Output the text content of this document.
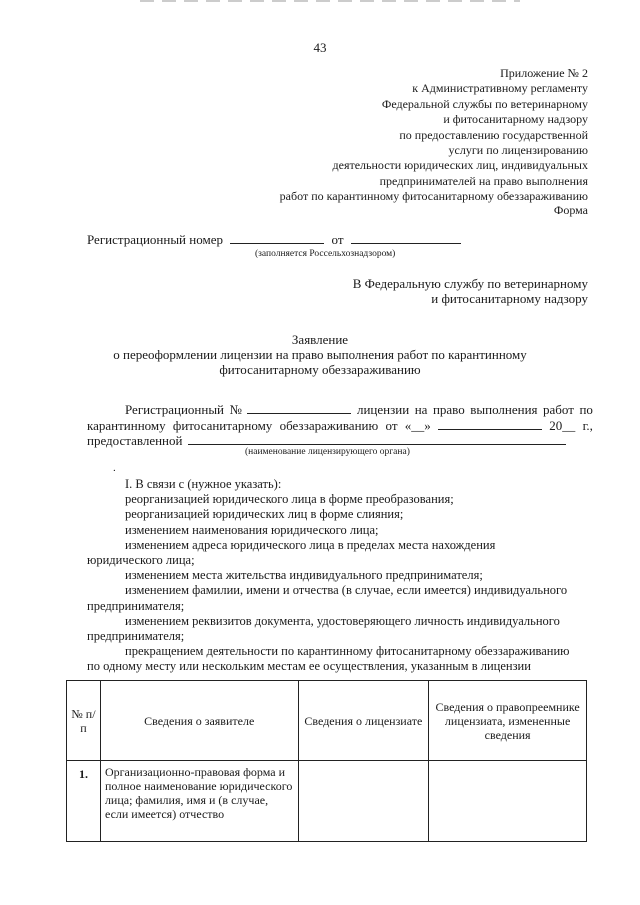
43
Приложение № 2
к Административному регламенту
Федеральной службы по ветеринарному
и фитосанитарному надзору
по предоставлению государственной
услуги по лицензированию
деятельности юридических лиц, индивидуальных
предпринимателей на право выполнения
работ по карантинному фитосанитарному обеззараживанию
Форма
Регистрационный номер	от
(заполняется Россельхознадзором)
В Федеральную службу по ветеринарному
и фитосанитарному надзору
Заявление
о переоформлении лицензии на право выполнения работ по карантинному
фитосанитарному обеззараживанию
Регистрационный №	лицензии на право выполнения работ по
карантинному фитосанитарному обеззараживанию от «__»	20__ г.,
предоставленной
(наименование лицензирующего органа)
.
I. В связи с (нужное указать):
реорганизацией юридического лица в форме преобразования;
реорганизацией юридических лиц в форме слияния;
изменением наименования юридического лица;
изменением адреса юридического лица в пределах места нахождения
юридического лица;
изменением места жительства индивидуального предпринимателя;
изменением фамилии, имени и отчества (в случае, если имеется) индивидуального
предпринимателя;
изменением реквизитов документа, удостоверяющего личность индивидуального
предпринимателя;
прекращением деятельности по карантинному фитосанитарному обеззараживанию
по одному месту или нескольким местам ее осуществления, указанным в лицензии
№ п/п	Сведения о заявителе	Сведения о лицензиате	Сведения о правопреемнике лицензиата, измененные сведения
1.	Организационно-правовая форма и полное наименование юридического лица; фамилия, имя и (в случае, если имеется) отчество		
